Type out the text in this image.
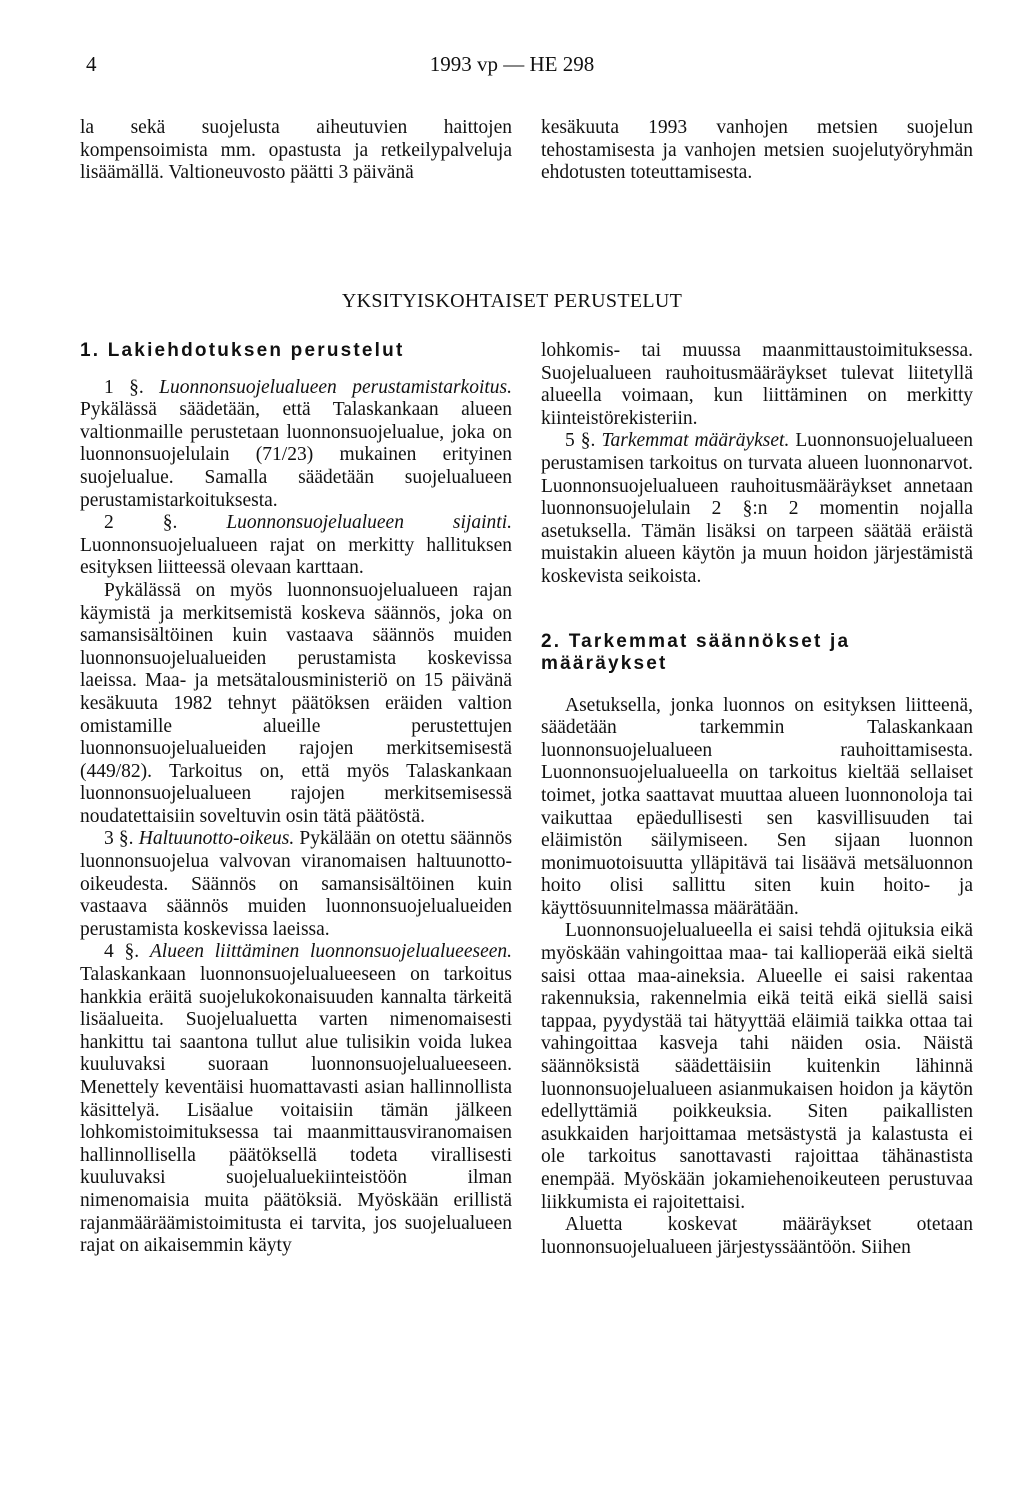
4	1993 vp — HE 298

la sekä suojelusta aiheutuvien haittojen kompensoimista mm. opastusta ja retkeilypalveluja lisäämällä. Valtioneuvosto päätti 3 päivänä

kesäkuuta 1993 vanhojen metsien suojelun tehostamisesta ja vanhojen metsien suojelutyöryhmän ehdotusten toteuttamisesta.

YKSITYISKOHTAISET PERUSTELUT

1. Lakiehdotuksen perustelut

1 §. Luonnonsuojelualueen perustamistarkoitus. Pykälässä säädetään, että Talaskankaan alueen valtionmaille perustetaan luonnonsuojelualue, joka on luonnonsuojelulain (71/23) mukainen erityinen suojelualue. Samalla säädetään suojelualueen perustamistarkoituksesta.

2 §.	Luonnonsuojelualueen sijainti. Luonnonsuojelualueen rajat on merkitty hallituksen esityksen liitteessä olevaan karttaan.

Pykälässä on myös luonnonsuojelualueen rajan käymistä ja merkitsemistä koskeva säännös, joka on samansisältöinen kuin vastaava säännös muiden luonnonsuojelualueiden perustamista koskevissa laeissa. Maa- ja metsätalousministeriö on 15 päivänä kesäkuuta 1982 tehnyt päätöksen eräiden valtion omistamille alueille perustettujen luonnonsuojelualueiden rajojen merkitsemisestä (449/82). Tarkoitus on, että myös Talaskankaan luonnonsuojelualueen rajojen merkitsemisessä noudatettaisiin soveltuvin osin tätä päätöstä.

3 §. Haltuunotto-oikeus. Pykälään on otettu säännös luonnonsuojelua valvovan viranomaisen haltuunotto-oikeudesta. Säännös on samansisältöinen kuin vastaava säännös muiden luonnonsuojelualueiden perustamista koskevissa laeissa.

4 §. Alueen liittäminen luonnonsuojelualueeseen. Talaskankaan luonnonsuojelualueeseen on tarkoitus hankkia eräitä suojelukokonaisuuden kannalta tärkeitä lisäalueita. Suojelualuetta varten nimenomaisesti hankittu tai saantona tullut alue tulisikin voida lukea kuuluvaksi suoraan luonnonsuojelualueeseen. Menettely keventäisi huomattavasti asian hallinnollista käsittelyä. Lisäalue voitaisiin tämän jälkeen lohkomistoimituksessa tai maanmittausviranomaisen hallinnollisella päätöksellä todeta virallisesti kuuluvaksi suojelualuekiinteistöön ilman nimenomaisia muita päätöksiä. Myöskään erillistä rajanmääräämistoimitusta ei tarvita, jos suojelualueen rajat on aikaisemmin käyty

lohkomis- tai muussa maanmittaustoimituksessa. Suojelualueen rauhoitusmääräykset tulevat liitetyllä alueella voimaan, kun liittäminen on merkitty kiinteistörekisteriin.

5 §. Tarkemmat määräykset. Luonnonsuojelualueen perustamisen tarkoitus on turvata alueen luonnonarvot. Luonnonsuojelualueen rauhoitusmääräykset annetaan luonnonsuojelulain 2 §:n 2 momentin nojalla asetuksella. Tämän lisäksi on tarpeen säätää eräistä muistakin alueen käytön ja muun hoidon järjestämistä koskevista seikoista.

2. Tarkemmat säännökset ja määräykset

Asetuksella, jonka luonnos on esityksen liitteenä, säädetään tarkemmin Talaskankaan luonnonsuojelualueen rauhoittamisesta. Luonnonsuojelualueella on tarkoitus kieltää sellaiset toimet, jotka saattavat muuttaa alueen luonnonoloja tai vaikuttaa epäedullisesti sen kasvillisuuden tai eläimistön säilymiseen. Sen sijaan luonnon monimuotoisuutta ylläpitävä tai lisäävä metsäluonnon hoito olisi sallittu siten kuin hoito- ja käyttösuunnitelmassa määrätään.

Luonnonsuojelualueella ei saisi tehdä ojituksia eikä myöskään vahingoittaa maa- tai kallioperää eikä sieltä saisi ottaa maa-aineksia. Alueelle ei saisi rakentaa rakennuksia, rakennelmia eikä teitä eikä siellä saisi tappaa, pyydystää tai hätyyttää eläimiä taikka ottaa tai vahingoittaa kasveja tahi näiden osia. Näistä säännöksistä säädettäisiin kuitenkin lähinnä luonnonsuojelualueen asianmukaisen hoidon ja käytön edellyttämiä poikkeuksia. Siten paikallisten asukkaiden harjoittamaa metsästystä ja kalastusta ei ole tarkoitus sanottavasti rajoittaa tähänastista enempää. Myöskään jokamiehenoikeuteen perustuvaa liikkumista ei rajoitettaisi.

Aluetta koskevat määräykset otetaan luonnonsuojelualueen järjestyssääntöön. Siihen
